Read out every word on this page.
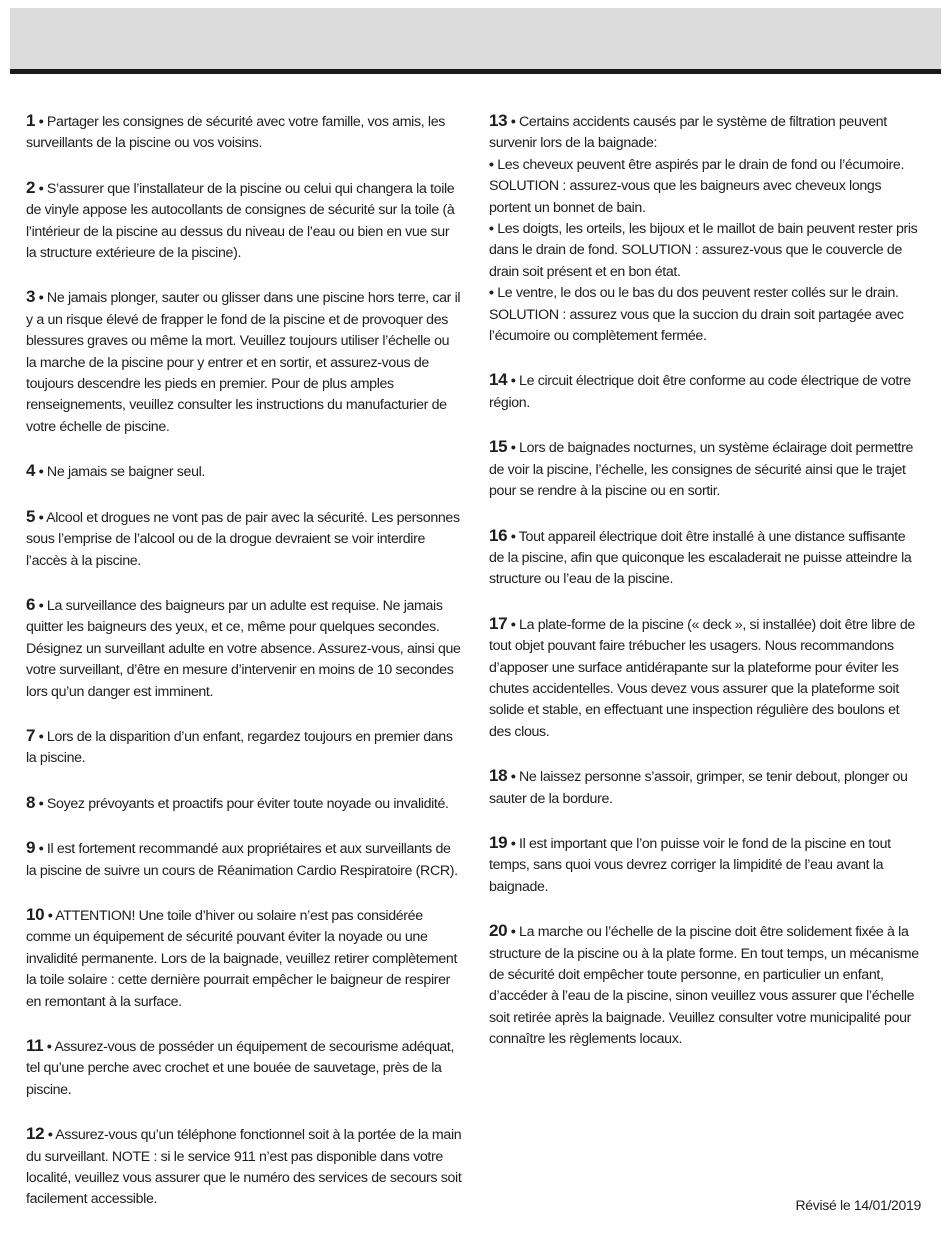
1 • Partager les consignes de sécurité avec votre famille, vos amis, les surveillants de la piscine ou vos voisins.

2 • S’assurer que l’installateur de la piscine ou celui qui changera la toile de vinyle appose les autocollants de consignes de sécurité sur la toile (à l’intérieur de la piscine au dessus du niveau de l’eau ou bien en vue sur la structure extérieure de la piscine).

3 • Ne jamais plonger, sauter ou glisser dans une piscine hors terre, car il y a un risque élevé de frapper le fond de la piscine et de provoquer des blessures graves ou même la mort. Veuillez toujours utiliser l’échelle ou la marche de la piscine pour y entrer et en sortir, et assurez-vous de toujours descendre les pieds en premier. Pour de plus amples renseignements, veuillez consulter les instructions du manufacturier de votre échelle de piscine.

4 • Ne jamais se baigner seul.

5 • Alcool et drogues ne vont pas de pair avec la sécurité. Les personnes sous l’emprise de l’alcool ou de la drogue devraient se voir interdire l’accès à la piscine.

6 • La surveillance des baigneurs par un adulte est requise. Ne jamais quitter les baigneurs des yeux, et ce, même pour quelques secondes. Désignez un surveillant adulte en votre absence. Assurez-vous, ainsi que votre surveillant, d’être en mesure d’intervenir en moins de 10 secondes lors qu’un danger est imminent.

7 • Lors de la disparition d’un enfant, regardez toujours en premier dans la piscine.

8 • Soyez prévoyants et proactifs pour éviter toute noyade ou invalidité.

9 • Il est fortement recommandé aux propriétaires et aux surveillants de la piscine de suivre un cours de Réanimation Cardio Respiratoire (RCR).

10 • ATTENTION! Une toile d’hiver ou solaire n’est pas considérée comme un équipement de sécurité pouvant éviter la noyade ou une invalidité permanente. Lors de la baignade, veuillez retirer complètement la toile solaire : cette dernière pourrait empêcher le baigneur de respirer en remontant à la surface.

11 • Assurez-vous de posséder un équipement de secourisme adéquat, tel qu’une perche avec crochet et une bouée de sauvetage, près de la piscine.

12 • Assurez-vous qu’un téléphone fonctionnel soit à la portée de la main du surveillant. NOTE : si le service 911 n’est pas disponible dans votre localité, veuillez vous assurer que le numéro des services de secours soit facilement accessible.

13 • Certains accidents causés par le système de filtration peuvent survenir lors de la baignade:

• Les cheveux peuvent être aspirés par le drain de fond ou l’écumoire. SOLUTION : assurez-vous que les baigneurs avec cheveux longs portent un bonnet de bain.

• Les doigts, les orteils, les bijoux et le maillot de bain peuvent rester pris dans le drain de fond. SOLUTION : assurez-vous que le couvercle de drain soit présent et en bon état.

• Le ventre, le dos ou le bas du dos peuvent rester collés sur le drain. SOLUTION : assurez vous que la succion du drain soit partagée avec l’écumoire ou complètement fermée.

14 • Le circuit électrique doit être conforme au code électrique de votre région.

15 • Lors de baignades nocturnes, un système éclairage doit permettre de voir la piscine, l’échelle, les consignes de sécurité ainsi que le trajet pour se rendre à la piscine ou en sortir.

16 • Tout appareil électrique doit être installé à une distance suffisante de la piscine, afin que quiconque les escaladerait ne puisse atteindre la structure ou l’eau de la piscine.

17 • La plate-forme de la piscine (« deck », si installée) doit être libre de tout objet pouvant faire trébucher les usagers. Nous recommandons d’apposer une surface antidérapante sur la plateforme pour éviter les chutes accidentelles. Vous devez vous assurer que la plateforme soit solide et stable, en effectuant une inspection régulière des boulons et des clous.

18 • Ne laissez personne s’assoir, grimper, se tenir debout, plonger ou sauter de la bordure.

19 • Il est important que l’on puisse voir le fond de la piscine en tout temps, sans quoi vous devrez corriger la limpidité de l’eau avant la baignade.

20 • La marche ou l’échelle de la piscine doit être solidement fixée à la structure de la piscine ou à la plate forme. En tout temps, un mécanisme de sécurité doit empêcher toute personne, en particulier un enfant, d’accéder à l’eau de la piscine, sinon veuillez vous assurer que l’échelle soit retirée après la baignade. Veuillez consulter votre municipalité pour connaître les règlements locaux.

Révisé le 14/01/2019
